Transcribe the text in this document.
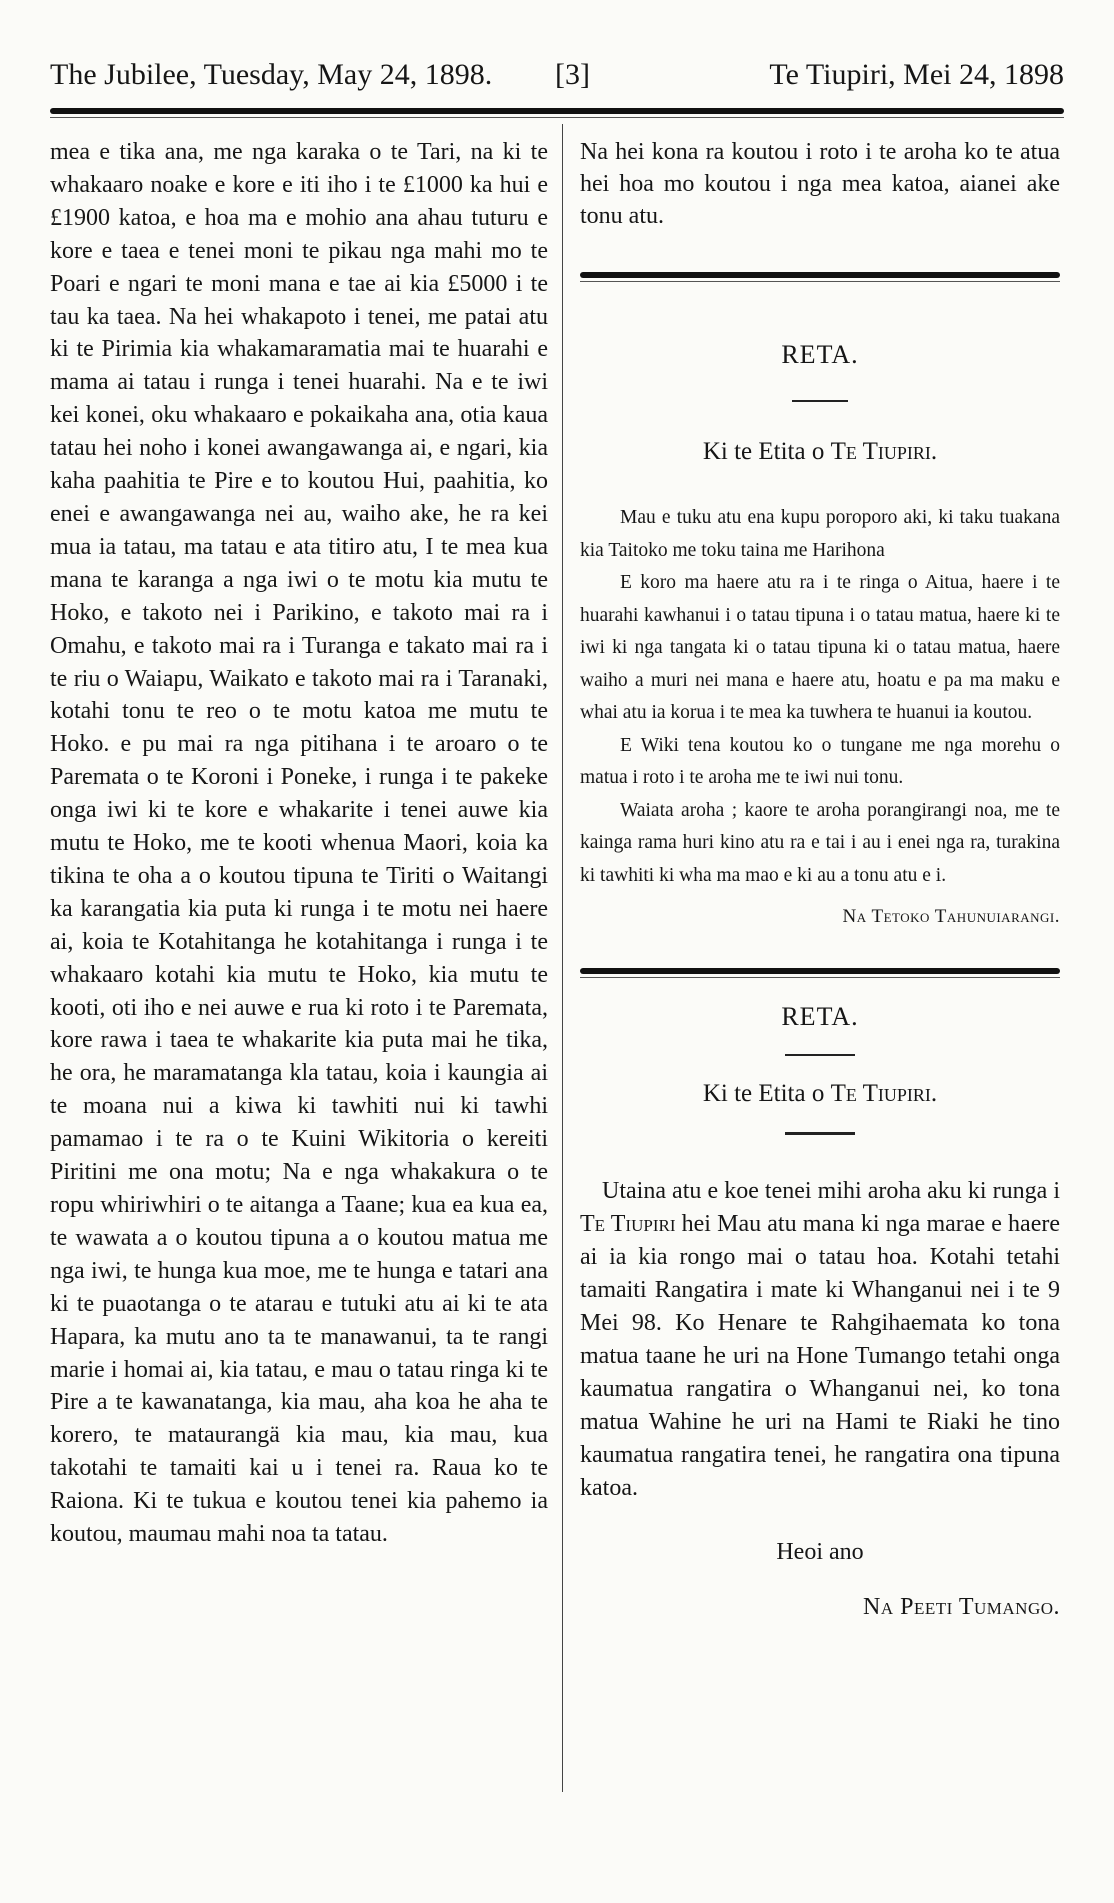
The Jubilee, Tuesday, May 24, 1898. [3]	Te Tiupiri, Mei 24, 1898
mea e tika ana, me nga karaka o te Tari, na ki te whakaaro noake e kore e iti iho i te £1000 ka hui e £1900 katoa, e hoa ma e mohio ana ahau tuturu e kore e taea e tenei moni te pikau nga mahi mo te Poari e ngari te moni mana e tae ai kia £5000 i te tau ka taea. Na hei whakapoto i tenei, me patai atu ki te Pirimia kia whakamaramatia mai te huarahi e mama ai tatau i runga i tenei huarahi. Na e te iwi kei konei, oku whakaaro e pokaikaha ana, otia kaua tatau hei noho i konei awangawanga ai, e ngari, kia kaha paahitia te Pire e to koutou Hui, paahitia, ko enei e awangawanga nei au, waiho ake, he ra kei mua ia tatau, ma tatau e ata titiro atu, I te mea kua mana te karanga a nga iwi o te motu kia mutu te Hoko, e takoto nei i Parikino, e takoto mai ra i Omahu, e takoto mai ra i Turanga e takato mai ra i te riu o Waiapu, Waikato e takoto mai ra i Taranaki, kotahi tonu te reo o te motu katoa me mutu te Hoko. e pu mai ra nga pitihana i te aroaro o te Paremata o te Koroni i Poneke, i runga i te pakeke onga iwi ki te kore e whakarite i tenei auwe kia mutu te Hoko, me te kooti whenua Maori, koia ka tikina te oha a o koutou tipuna te Tiriti o Waitangi ka karangatia kia puta ki runga i te motu nei haere ai, koia te Kotahitanga he kotahitanga i runga i te whakaaro kotahi kia mutu te Hoko, kia mutu te kooti, oti iho e nei auwe e rua ki roto i te Paremata, kore rawa i taea te whakarite kia puta mai he tika, he ora, he maramatanga kla tatau, koia i kaungia ai te moana nui a kiwa ki tawhiti nui ki tawhi pamamao i te ra o te Kuini Wikitoria o kereiti Piritini me ona motu; Na e nga whakakura o te ropu whiriwhiri o te aitanga a Taane; kua ea kua ea, te wawata a o koutou tipuna a o koutou matua me nga iwi, te hunga kua moe, me te hunga e tatari ana ki te puaotanga o te atarau e tutuki atu ai ki te ata Hapara, ka mutu ano ta te manawanui, ta te rangi marie i homai ai, kia tatau, e mau o tatau ringa ki te Pire a te kawanatanga, kia mau, aha koa he aha te korero, te mataurangä kia mau, kia mau, kua takotahi te tamaiti kai u i tenei ra. Raua ko te Raiona. Ki te tukua e koutou tenei kia pahemo ia koutou, maumau mahi noa ta tatau.

Na hei kona ra koutou i roto i te aroha ko te atua hei hoa mo koutou i nga mea katoa, aianei ake tonu atu.

RETA.
Ki te Etita o Te Tiupiri.

Mau e tuku atu ena kupu poroporo aki, ki taku tuakana kia Taitoko me toku taina me Harihona

E koro ma haere atu ra i te ringa o Aitua, haere i te huarahi kawhanui i o tatau tipuna i o tatau matua, haere ki te iwi ki nga tangata ki o tatau tipuna ki o tatau matua, haere waiho a muri nei mana e haere atu, hoatu e pa ma maku e whai atu ia korua i te mea ka tuwhera te huanui ia koutou.

E Wiki tena koutou ko o tungane me nga morehu o matua i roto i te aroha me te iwi nui tonu.

Waiata aroha ; kaore te aroha porangirangi noa, me te kainga rama huri kino atu ra e tai i au i enei nga ra, turakina ki tawhiti ki wha ma mao e ki au a tonu atu e i.

Na Tetoko Tahunuiarangi.
RETA.
Ki te Etita o Te Tiupiri.
Utaina atu e koe tenei mihi aroha aku ki runga i Te Tiupiri hei Mau atu mana ki nga marae e haere ai ia kia rongo mai o tatau hoa. Kotahi tetahi tamaiti Rangatira i mate ki Whanganui nei i te 9 Mei 98. Ko Henare te Rahgihaemata ko tona matua taane he uri na Hone Tumango tetahi onga kaumatua rangatira o Whanganui nei, ko tona matua Wahine he uri na Hami te Riaki he tino kaumatua rangatira tenei, he rangatira ona tipuna katoa.
Heoi ano
Na Peeti Tumango.
